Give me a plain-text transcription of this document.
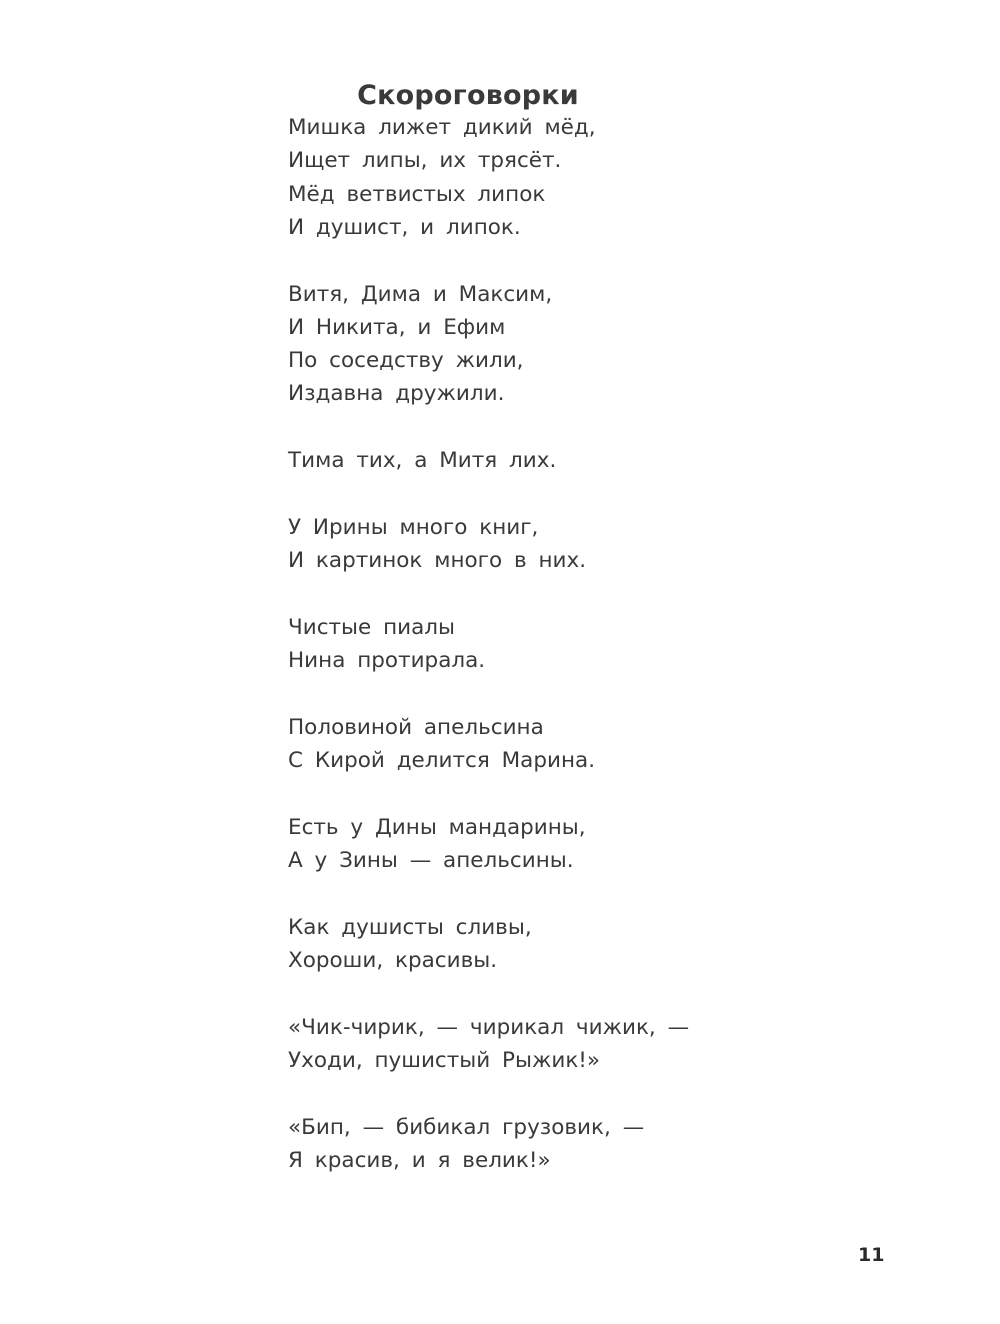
Скороговорки
Мишка лижет дикий мёд,
Ищет липы, их трясёт.
Мёд ветвистых липок
И душист, и липок.
Витя, Дима и Максим,
И Никита, и Ефим
По соседству жили,
Издавна дружили.
Тима тих, а Митя лих.
У Ирины много книг,
И картинок много в них.
Чистые пиалы
Нина протирала.
Половиной апельсина
С Кирой делится Марина.
Есть у Дины мандарины,
А у Зины — апельсины.
Как душисты сливы,
Хороши, красивы.
«Чик-чирик, — чирикал чижик, —
Уходи, пушистый Рыжик!»
«Бип, — бибикал грузовик, —
Я красив, и я велик!»
11
